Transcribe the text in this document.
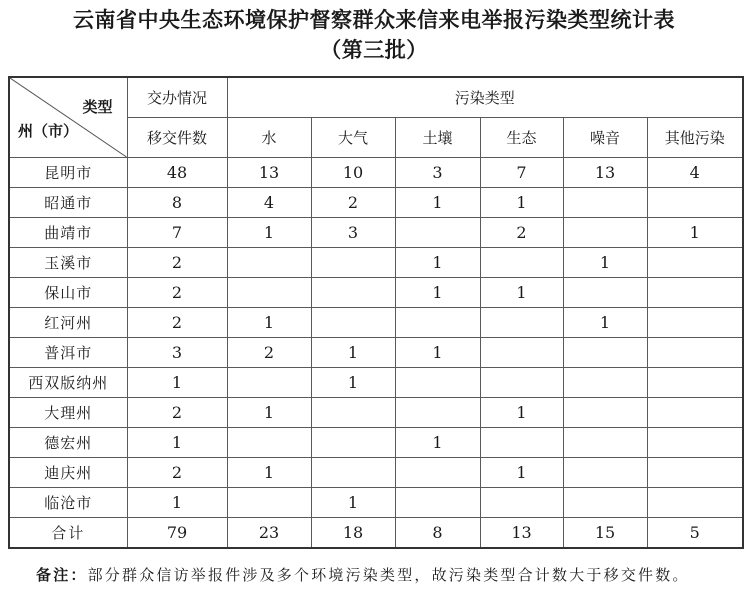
云南省中央生态环境保护督察群众来信来电举报污染类型统计表
（第三批）
类型
州（市）	交办情况	污染类型					
	移交件数	水	大气	土壤	生态	噪音	其他污染
昆明市	48	13	10	3	7	13	4
昭通市	8	4	2	1	1		
曲靖市	7	1	3		2		1
玉溪市	2			1		1	
保山市	2			1	1		
红河州	2	1				1	
普洱市	3	2	1	1			
西双版纳州	1		1				
大理州	2	1			1		
德宏州	1			1			
迪庆州	2	1			1		
临沧市	1		1				
合计	79	23	18	8	13	15	5
备注：部分群众信访举报件涉及多个环境污染类型，故污染类型合计数大于移交件数。
